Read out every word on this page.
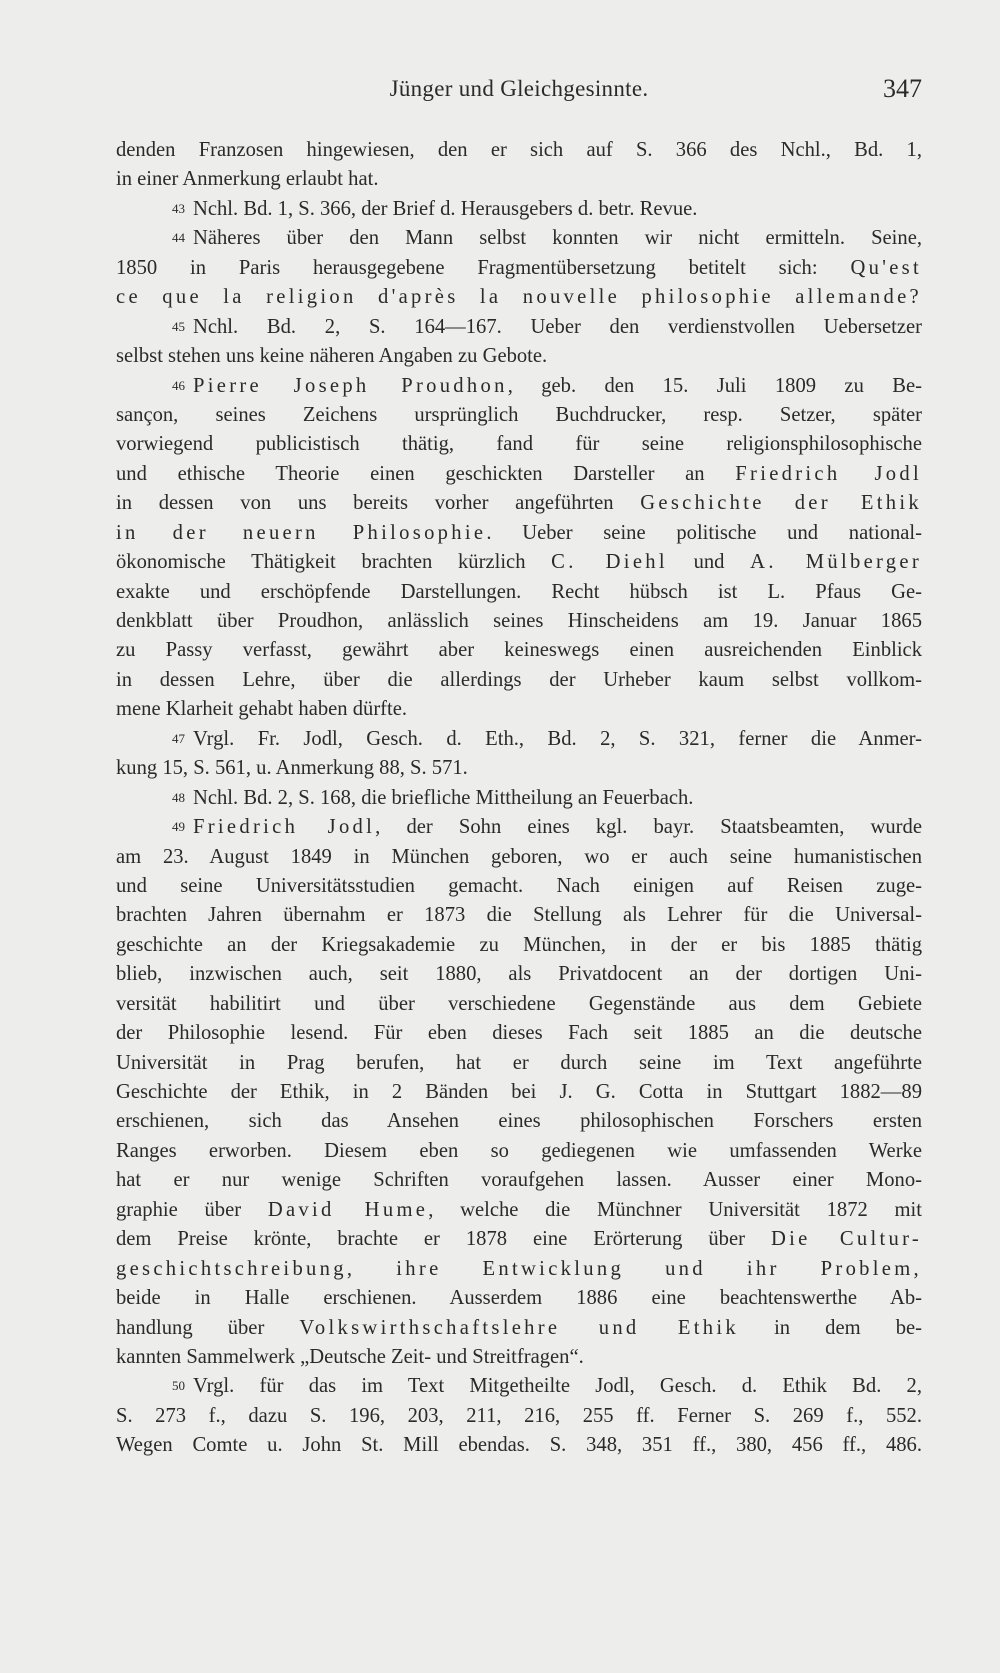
Jünger und Gleichgesinnte.	347
denden Franzosen hingewiesen, den er sich auf S. 366 des Nchl., Bd. 1,
in einer Anmerkung erlaubt hat.
$^{43}$ Nchl. Bd. 1, S. 366, der Brief d. Herausgebers d. betr. Revue.
$^{44}$ Näheres über den Mann selbst konnten wir nicht ermitteln. Seine,
1850 in Paris herausgegebene Fragmentübersetzung betitelt sich: Qu'est
ce que la religion d'après la nouvelle philosophie allemande?
$^{45}$ Nchl. Bd. 2, S. 164—167. Ueber den verdienstvollen Uebersetzer
selbst stehen uns keine näheren Angaben zu Gebote.
$^{46}$ Pierre Joseph Proudhon, geb. den 15. Juli 1809 zu Be-
sançon, seines Zeichens ursprünglich Buchdrucker, resp. Setzer, später
vorwiegend publicistisch thätig, fand für seine religionsphilosophische
und ethische Theorie einen geschickten Darsteller an Friedrich Jodl
in dessen von uns bereits vorher angeführten Geschichte der Ethik
in der neuern Philosophie. Ueber seine politische und national-
ökonomische Thätigkeit brachten kürzlich C. Diehl und A. Mülberger
exakte und erschöpfende Darstellungen. Recht hübsch ist L. Pfaus Ge-
denkblatt über Proudhon, anlässlich seines Hinscheidens am 19. Januar 1865
zu Passy verfasst, gewährt aber keineswegs einen ausreichenden Einblick
in dessen Lehre, über die allerdings der Urheber kaum selbst vollkom-
mene Klarheit gehabt haben dürfte.
$^{47}$ Vrgl. Fr. Jodl, Gesch. d. Eth., Bd. 2, S. 321, ferner die Anmer-
kung 15, S. 561, u. Anmerkung 88, S. 571.
$^{48}$ Nchl. Bd. 2, S. 168, die briefliche Mittheilung an Feuerbach.
$^{49}$ Friedrich Jodl, der Sohn eines kgl. bayr. Staatsbeamten, wurde
am 23. August 1849 in München geboren, wo er auch seine humanistischen
und seine Universitätsstudien gemacht. Nach einigen auf Reisen zuge-
brachten Jahren übernahm er 1873 die Stellung als Lehrer für die Universal-
geschichte an der Kriegsakademie zu München, in der er bis 1885 thätig
blieb, inzwischen auch, seit 1880, als Privatdocent an der dortigen Uni-
versität habilitirt und über verschiedene Gegenstände aus dem Gebiete
der Philosophie lesend. Für eben dieses Fach seit 1885 an die deutsche
Universität in Prag berufen, hat er durch seine im Text angeführte
Geschichte der Ethik, in 2 Bänden bei J. G. Cotta in Stuttgart 1882—89
erschienen, sich das Ansehen eines philosophischen Forschers ersten
Ranges erworben. Diesem eben so gediegenen wie umfassenden Werke
hat er nur wenige Schriften voraufgehen lassen. Ausser einer Mono-
graphie über David Hume, welche die Münchner Universität 1872 mit
dem Preise krönte, brachte er 1878 eine Erörterung über Die Cultur-
geschichtschreibung, ihre Entwicklung und ihr Problem,
beide in Halle erschienen. Ausserdem 1886 eine beachtenswerthe Ab-
handlung über Volkswirthschaftslehre und Ethik in dem be-
kannten Sammelwerk „Deutsche Zeit- und Streitfragen“.
$^{50}$ Vrgl. für das im Text Mitgetheilte Jodl, Gesch. d. Ethik Bd. 2,
S. 273 f., dazu S. 196, 203, 211, 216, 255 ff. Ferner S. 269 f., 552.
Wegen Comte u. John St. Mill ebendas. S. 348, 351 ff., 380, 456 ff., 486.
